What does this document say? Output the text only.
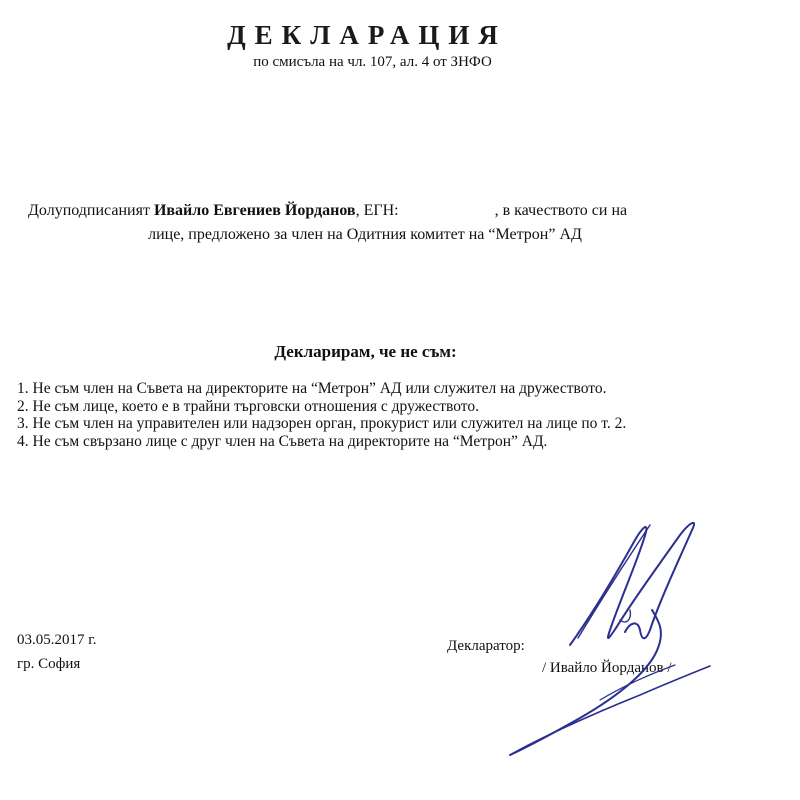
ДЕКЛАРАЦИЯ
по смисъла на чл. 107, ал. 4 от ЗНФО
Долуподписаният Ивайло Евгениев Йорданов, ЕГН:	, в качеството си на
лице, предложено за член на Одитния комитет на “Метрон” АД
Декларирам, че не съм:

1. Не съм член на Съвета на директорите на “Метрон” АД или служител на дружеството.

2. Не съм лице, което е в трайни търговски отношения с дружеството.

3. Не съм член на управителен или надзорен орган, прокурист или служител на лице по т. 2.

4. Не съм свързано лице с друг член на Съвета на директорите на “Метрон” АД.

03.05.2017 г.
гр. София
Декларатор:
/ Ивайло Йорданов /
